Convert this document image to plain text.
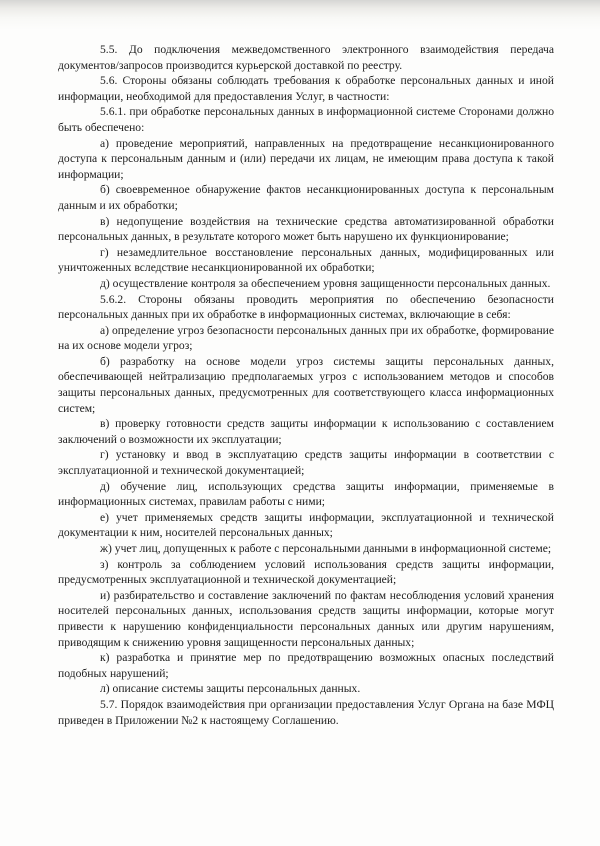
5.5. До подключения межведомственного электронного взаимодействия передача документов/запросов производится курьерской доставкой по реестру.

5.6. Стороны обязаны соблюдать требования к обработке персональных данных и иной информации, необходимой для предоставления Услуг, в частности:

5.6.1. при обработке персональных данных в информационной системе Сторонами должно быть обеспечено:

а) проведение мероприятий, направленных на предотвращение несанкционированного доступа к персональным данным и (или) передачи их лицам, не имеющим права доступа к такой информации;

б) своевременное обнаружение фактов несанкционированных доступа к персональным данным и их обработки;

в) недопущение воздействия на технические средства автоматизированной обработки персональных данных, в результате которого может быть нарушено их функционирование;

г) незамедлительное восстановление персональных данных, модифицированных или уничтоженных вследствие несанкционированной их обработки;

д) осуществление контроля за обеспечением уровня защищенности персональных данных.

5.6.2. Стороны обязаны проводить мероприятия по обеспечению безопасности персональных данных при их обработке в информационных системах, включающие в себя:

а) определение угроз безопасности персональных данных при их обработке, формирование на их основе модели угроз;

б) разработку на основе модели угроз системы защиты персональных данных, обеспечивающей нейтрализацию предполагаемых угроз с использованием методов и способов защиты персональных данных, предусмотренных для соответствующего класса информационных систем;

в) проверку готовности средств защиты информации к использованию с составлением заключений о возможности их эксплуатации;

г) установку и ввод в эксплуатацию средств защиты информации в соответствии с эксплуатационной и технической документацией;

д) обучение лиц, использующих средства защиты информации, применяемые в информационных системах, правилам работы с ними;

е) учет применяемых средств защиты информации, эксплуатационной и технической документации к ним, носителей персональных данных;

ж) учет лиц, допущенных к работе с персональными данными в информационной системе;

з) контроль за соблюдением условий использования средств защиты информации, предусмотренных эксплуатационной и технической документацией;

и) разбирательство и составление заключений по фактам несоблюдения условий хранения носителей персональных данных, использования средств защиты информации, которые могут привести к нарушению конфиденциальности персональных данных или другим нарушениям, приводящим к снижению уровня защищенности персональных данных;

к) разработка и принятие мер по предотвращению возможных опасных последствий подобных нарушений;

л) описание системы защиты персональных данных.

5.7. Порядок взаимодействия при организации предоставления Услуг Органа на базе МФЦ приведен в Приложении №2 к настоящему Соглашению.
